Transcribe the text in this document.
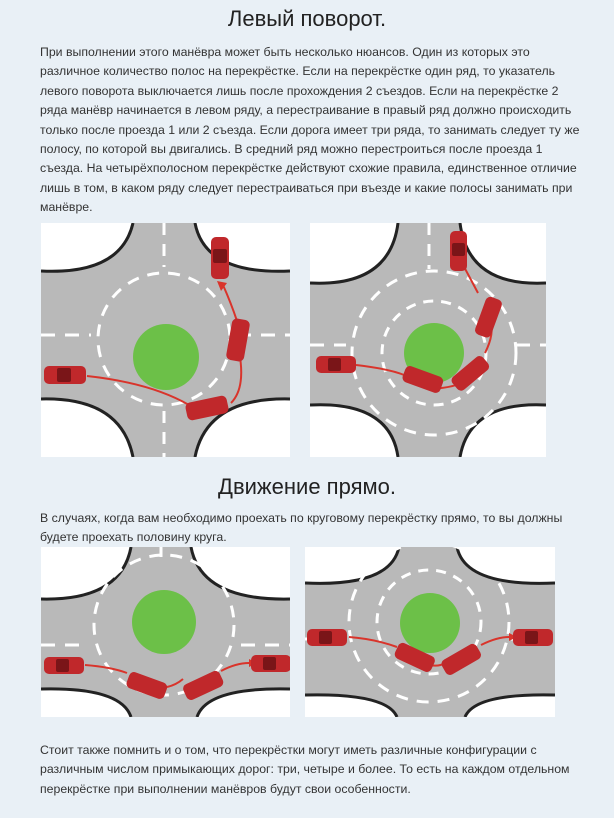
Левый поворот.

При выполнении этого манёвра может быть несколько нюансов. Один из которых это различное количество полос на перекрёстке. Если на перекрёстке один ряд, то указатель левого поворота выключается лишь после прохождения 2 съездов. Если на перекрёстке 2 ряда манёвр начинается в левом ряду, а перестраивание в правый ряд должно происходить только после проезда 1 или 2 съезда. Если дорога имеет три ряда, то занимать следует ту же полосу, по которой вы двигались. В средний ряд можно перестроиться после проезда 1 съезда. На четырёхполосном перекрёстке действуют схожие правила, единственное отличие лишь в том, в каком ряду следует перестраиваться при въезде и какие полосы занимать при манёвре.

Движение прямо.

В случаях, когда вам необходимо проехать по круговому перекрёстку прямо, то вы должны будете проехать половину круга.

Стоит также помнить и о том, что перекрёстки могут иметь различные конфигурации с различным числом примыкающих дорог: три, четыре и более. То есть на каждом отдельном перекрёстке при выполнении манёвров будут свои особенности.
